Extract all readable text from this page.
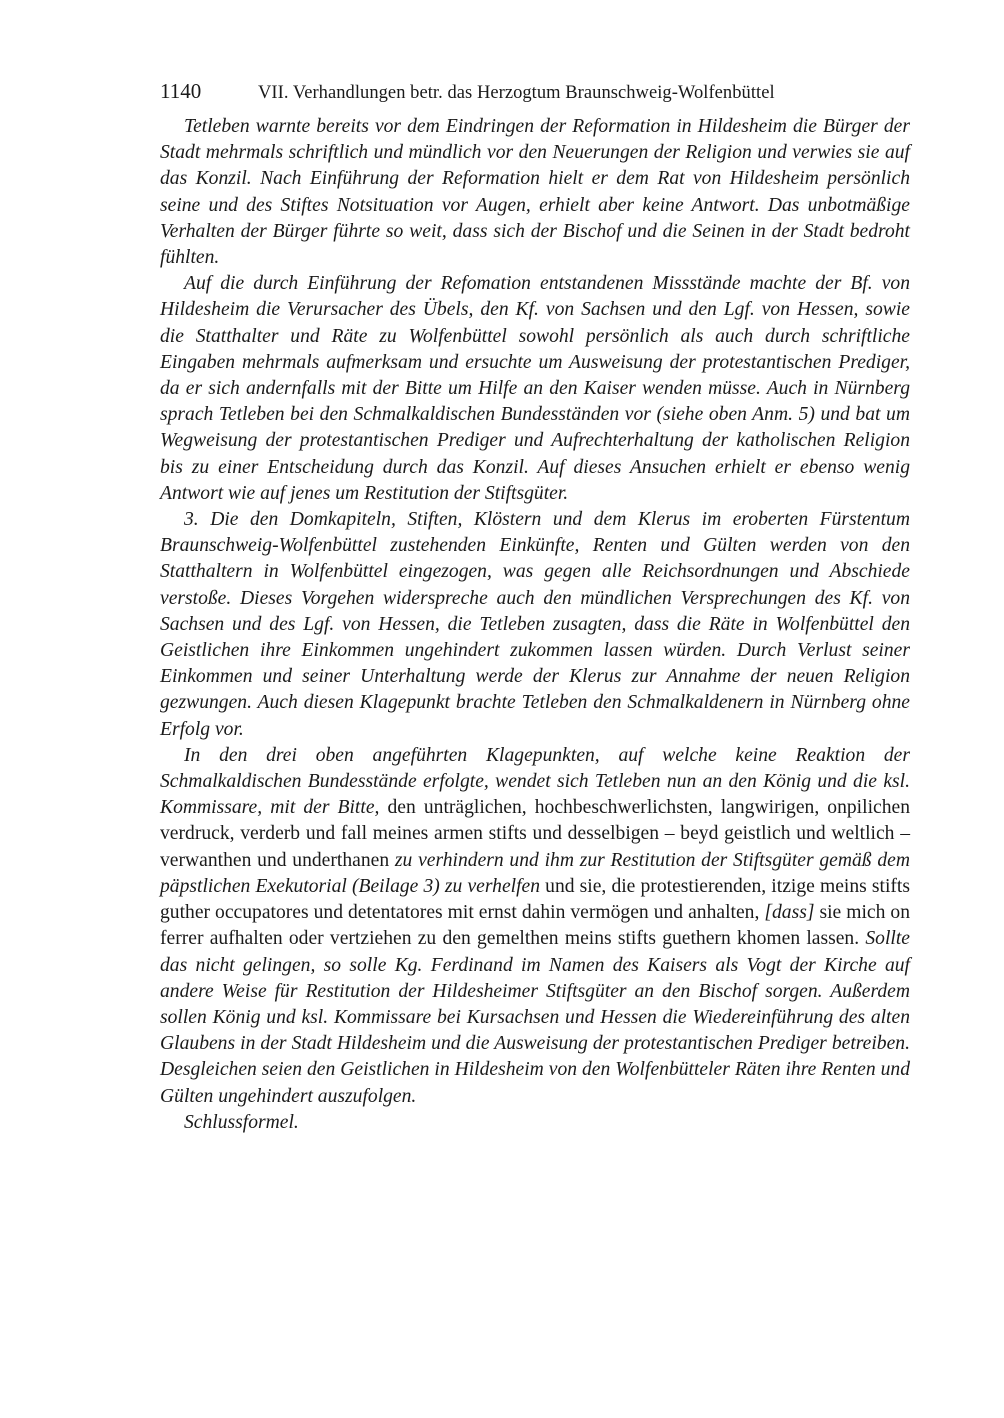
1140	VII. Verhandlungen betr. das Herzogtum Braunschweig-Wolfenbüttel

Tetleben warnte bereits vor dem Eindringen der Reformation in Hildesheim die Bürger der Stadt mehrmals schriftlich und mündlich vor den Neuerungen der Religion und verwies sie auf das Konzil. Nach Einführung der Reformation hielt er dem Rat von Hildesheim persönlich seine und des Stiftes Notsituation vor Augen, erhielt aber keine Antwort. Das unbotmäßige Verhalten der Bürger führte so weit, dass sich der Bischof und die Seinen in der Stadt bedroht fühlten.

Auf die durch Einführung der Refomation entstandenen Missstände machte der Bf. von Hildesheim die Verursacher des Übels, den Kf. von Sachsen und den Lgf. von Hessen, sowie die Statthalter und Räte zu Wolfenbüttel sowohl persönlich als auch durch schriftliche Eingaben mehrmals aufmerksam und ersuchte um Ausweisung der protestantischen Prediger, da er sich andernfalls mit der Bitte um Hilfe an den Kaiser wenden müsse. Auch in Nürnberg sprach Tetleben bei den Schmalkaldischen Bundesständen vor (siehe oben Anm. 5) und bat um Wegweisung der protestantischen Prediger und Aufrechterhaltung der katholischen Religion bis zu einer Entscheidung durch das Konzil. Auf dieses Ansuchen erhielt er ebenso wenig Antwort wie auf jenes um Restitution der Stiftsgüter.

3. Die den Domkapiteln, Stiften, Klöstern und dem Klerus im eroberten Fürstentum Braunschweig-Wolfenbüttel zustehenden Einkünfte, Renten und Gülten werden von den Statthaltern in Wolfenbüttel eingezogen, was gegen alle Reichsordnungen und Abschiede verstoße. Dieses Vorgehen widerspreche auch den mündlichen Versprechungen des Kf. von Sachsen und des Lgf. von Hessen, die Tetleben zusagten, dass die Räte in Wolfenbüttel den Geistlichen ihre Einkommen ungehindert zukommen lassen würden. Durch Verlust seiner Einkommen und seiner Unterhaltung werde der Klerus zur Annahme der neuen Religion gezwungen. Auch diesen Klagepunkt brachte Tetleben den Schmalkaldenern in Nürnberg ohne Erfolg vor.

In den drei oben angeführten Klagepunkten, auf welche keine Reaktion der Schmalkaldischen Bundesstände erfolgte, wendet sich Tetleben nun an den König und die ksl. Kommissare, mit der Bitte, den unträglichen, hochbeschwerlichsten, langwirigen, onpilichen verdruck, verderb und fall meines armen stifts und desselbigen – beyd geistlich und weltlich – verwanthen und underthanen zu verhindern und ihm zur Restitution der Stiftsgüter gemäß dem päpstlichen Exekutorial (Beilage 3) zu verhelfen und sie, die protestierenden, itzige meins stifts guther occupatores und detentatores mit ernst dahin vermögen und anhalten, [dass] sie mich on ferrer aufhalten oder vertziehen zu den gemelthen meins stifts guethern khomen lassen. Sollte das nicht gelingen, so solle Kg. Ferdinand im Namen des Kaisers als Vogt der Kirche auf andere Weise für Restitution der Hildesheimer Stiftsgüter an den Bischof sorgen. Außerdem sollen König und ksl. Kommissare bei Kursachsen und Hessen die Wiedereinführung des alten Glaubens in der Stadt Hildesheim und die Ausweisung der protestantischen Prediger betreiben. Desgleichen seien den Geistlichen in Hildesheim von den Wolfenbütteler Räten ihre Renten und Gülten ungehindert auszufolgen.

Schlussformel.
